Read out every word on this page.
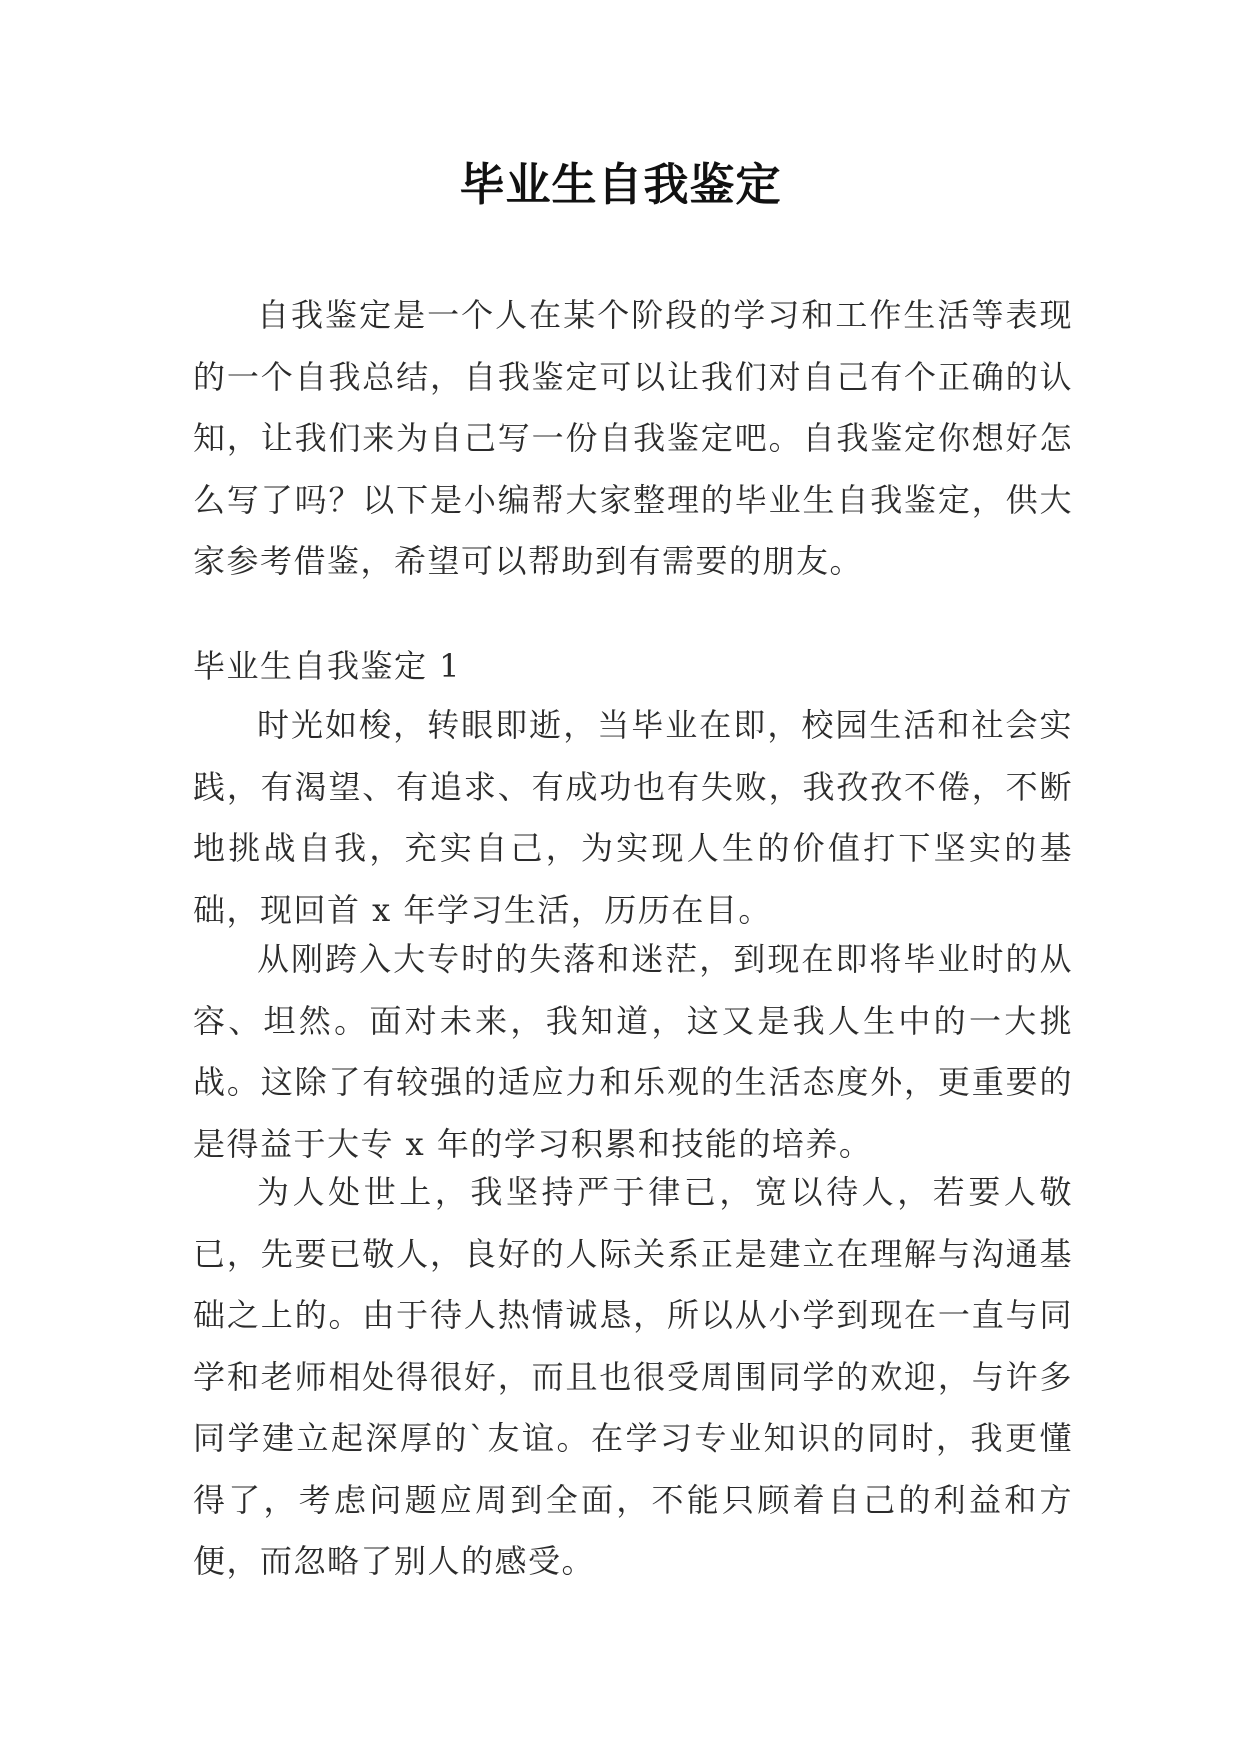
毕业生自我鉴定

自我鉴定是一个人在某个阶段的学习和工作生活等表现的一个自我总结，自我鉴定可以让我们对自己有个正确的认知，让我们来为自己写一份自我鉴定吧。自我鉴定你想好怎么写了吗？以下是小编帮大家整理的毕业生自我鉴定，供大家参考借鉴，希望可以帮助到有需要的朋友。

毕业生自我鉴定 1

时光如梭，转眼即逝，当毕业在即，校园生活和社会实践，有渴望、有追求、有成功也有失败，我孜孜不倦，不断地挑战自我，充实自己，为实现人生的价值打下坚实的基础，现回首 x 年学习生活，历历在目。

从刚跨入大专时的失落和迷茫，到现在即将毕业时的从容、坦然。面对未来，我知道，这又是我人生中的一大挑战。这除了有较强的适应力和乐观的生活态度外，更重要的是得益于大专 x 年的学习积累和技能的培养。

为人处世上，我坚持严于律已，宽以待人，若要人敬已，先要已敬人，良好的人际关系正是建立在理解与沟通基础之上的。由于待人热情诚恳，所以从小学到现在一直与同学和老师相处得很好，而且也很受周围同学的欢迎，与许多同学建立起深厚的`友谊。在学习专业知识的同时，我更懂得了，考虑问题应周到全面，不能只顾着自己的利益和方便，而忽略了别人的感受。
